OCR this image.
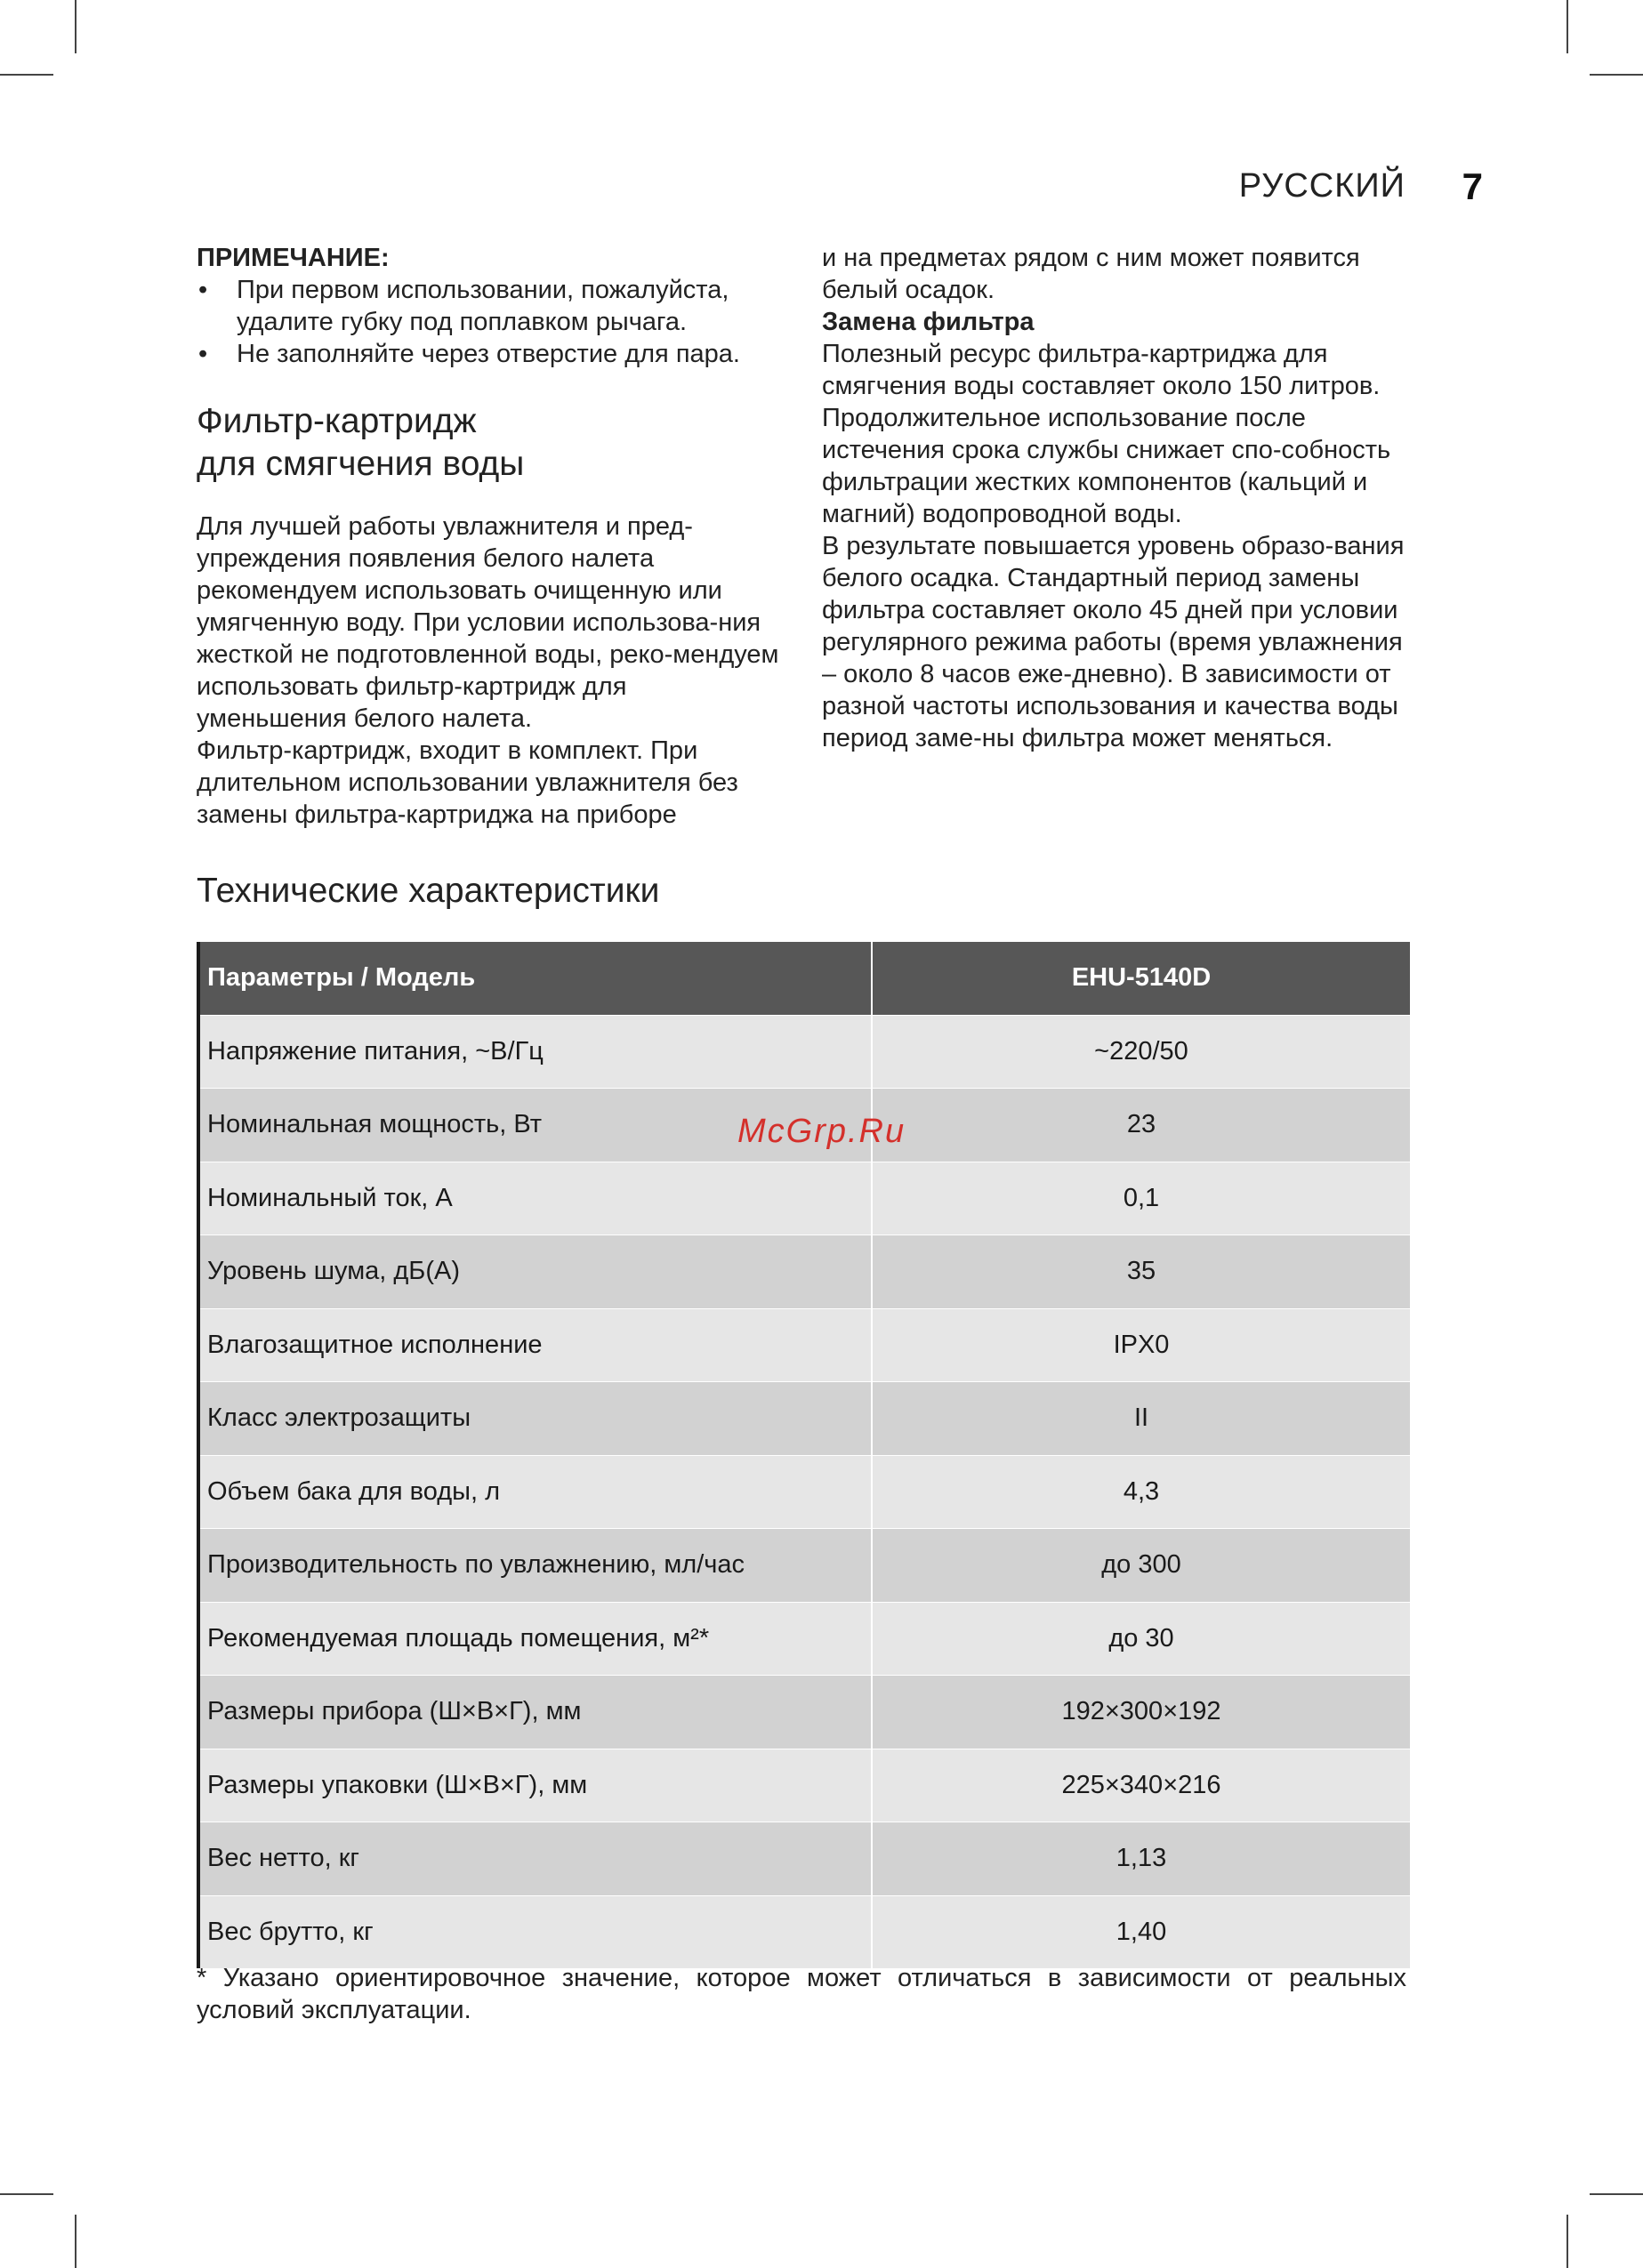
РУССКИЙ 7

ПРИМЕЧАНИЕ:

• При первом использовании, пожалуйста, удалите губку под поплавком рычага.
• Не заполняйте через отверстие для пара.
Фильтр-картридж
для смягчения воды

Для лучшей работы увлажнителя и пред-упреждения появления белого налета рекомендуем использовать очищенную или умягченную воду. При условии использова-ния жесткой не подготовленной воды, реко-мендуем использовать фильтр-картридж для уменьшения белого налета.

Фильтр-картридж, входит в комплект. При длительном использовании увлажнителя без замены фильтра-картриджа на приборе

и на предметах рядом с ним может появится белый осадок.

Замена фильтра

Полезный ресурс фильтра-картриджа для смягчения воды составляет около 150 литров. Продолжительное использование после истечения срока службы снижает спо-собность фильтрации жестких компонентов (кальций и магний) водопроводной воды.

В результате повышается уровень образо-вания белого осадка. Стандартный период замены фильтра составляет около 45 дней при условии регулярного режима работы (время увлажнения – около 8 часов еже-дневно). В зависимости от разной частоты использования и качества воды период заме-ны фильтра может меняться.

Технические характеристики
Параметры / Модель	EHU-5140D
Напряжение питания, ~В/Гц	~220/50
Номинальная мощность, Вт	23
Номинальный ток, А	0,1
Уровень шума, дБ(А)	35
Влагозащитное исполнение	IPX0
Класс электрозащиты	II
Объем бака для воды, л	4,3
Производительность по увлажнению, мл/час	до 300
Рекомендуемая площадь помещения, м²*	до 30
Размеры прибора (Ш×В×Г), мм	192×300×192
Размеры упаковки (Ш×В×Г), мм	225×340×216
Вес нетто, кг	1,13
Вес брутто, кг	1,40
* Указано ориентировочное значение, которое может отличаться в зависимости от реальных условий эксплуатации.
McGrp.Ru
